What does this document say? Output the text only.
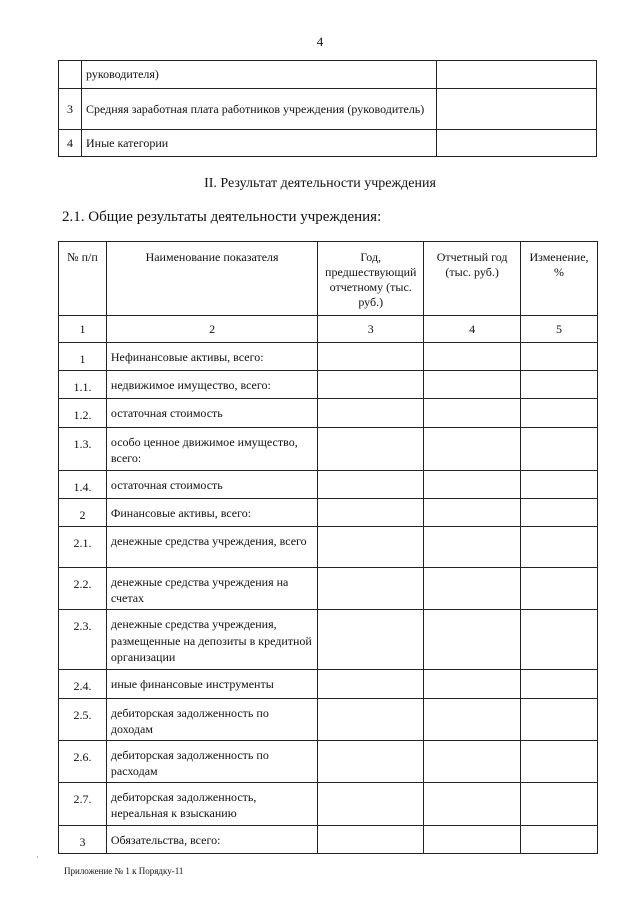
4
	руководителя)	
3	Средняя заработная плата работников учреждения (руководитель)	
4	Иные категории	
II. Результат деятельности учреждения
2.1. Общие результаты деятельности учреждения:
№ п/п	Наименование показателя	Год, предшествующий отчетному (тыс. руб.)	Отчетный год (тыс. руб.)	Изменение, %
1	2	3	4	5
1	Нефинансовые активы, всего:			
1.1.	недвижимое имущество, всего:			
1.2.	остаточная стоимость			
1.3.	особо ценное движимое имущество, всего:			
1.4.	остаточная стоимость			
2	Финансовые активы, всего:			
2.1.	денежные средства учреждения, всего			
2.2.	денежные средства учреждения на счетах			
2.3.	денежные средства учреждения, размещенные на депозиты в кредитной организации			
2.4.	иные финансовые инструменты			
2.5.	дебиторская задолженность по доходам			
2.6.	дебиторская задолженность по расходам			
2.7.	дебиторская задолженность, нереальная к взысканию			
3	Обязательства, всего:			
·
Приложение № 1 к Порядку-11
